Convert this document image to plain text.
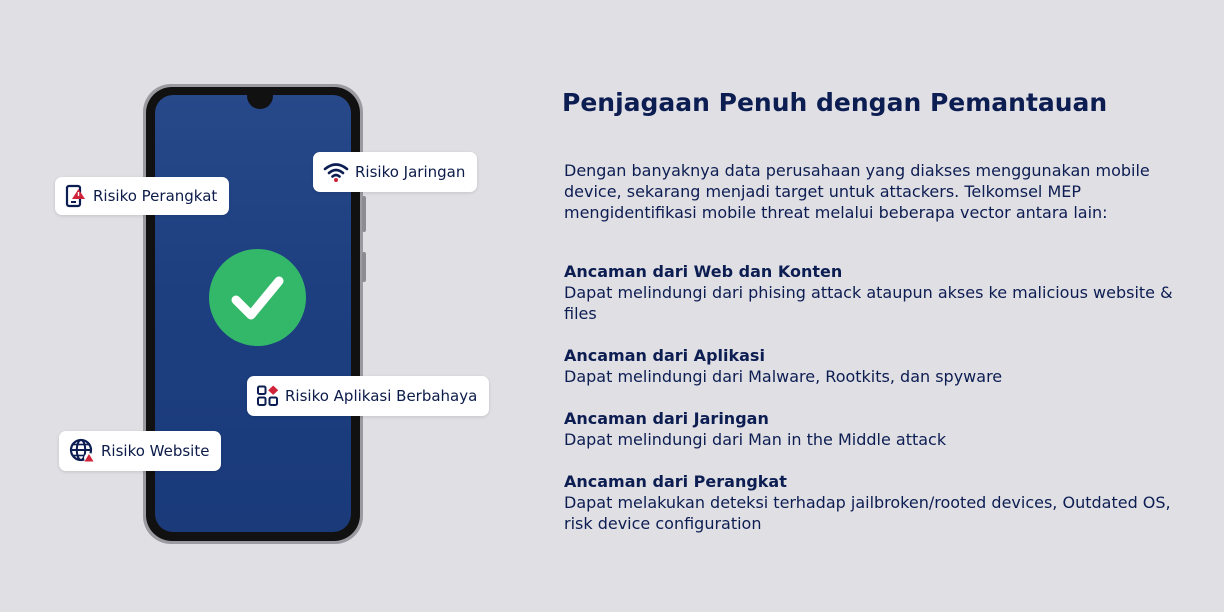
Risiko Perangkat
Risiko Jaringan
Risiko Aplikasi Berbahaya
Risiko Website
Penjagaan Penuh dengan Pemantauan
Dengan banyaknya data perusahaan yang diakses menggunakan mobile device, sekarang menjadi target untuk attackers. Telkomsel MEP mengidentifikasi mobile threat melalui beberapa vector antara lain:
Ancaman dari Web dan Konten
Dapat melindungi dari phising attack ataupun akses ke malicious website & files
Ancaman dari Aplikasi
Dapat melindungi dari Malware, Rootkits, dan spyware
Ancaman dari Jaringan
Dapat melindungi dari Man in the Middle attack
Ancaman dari Perangkat
Dapat melakukan deteksi terhadap jailbroken/rooted devices, Outdated OS, risk device configuration
